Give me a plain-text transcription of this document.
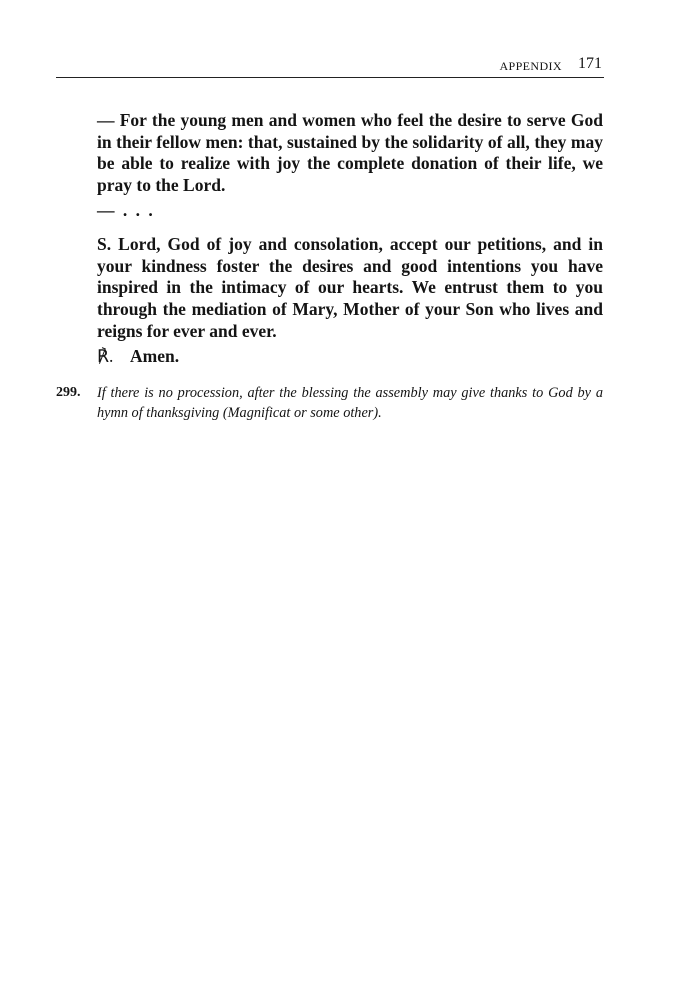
APPENDIX 171

— For the young men and women who feel the desire to serve God in their fellow men: that, sustained by the solidarity of all, they may be able to realize with joy the complete donation of their life, we pray to the Lord.

— . . .

S. Lord, God of joy and consolation, accept our petitions, and in your kindness foster the desires and good intentions you have inspired in the intimacy of our hearts. We entrust them to you through the mediation of Mary, Mother of your Son who lives and reigns for ever and ever.

℟. Amen.
299. If there is no procession, after the blessing the assembly may give thanks to God by a hymn of thanksgiving (Magnificat or some other).
